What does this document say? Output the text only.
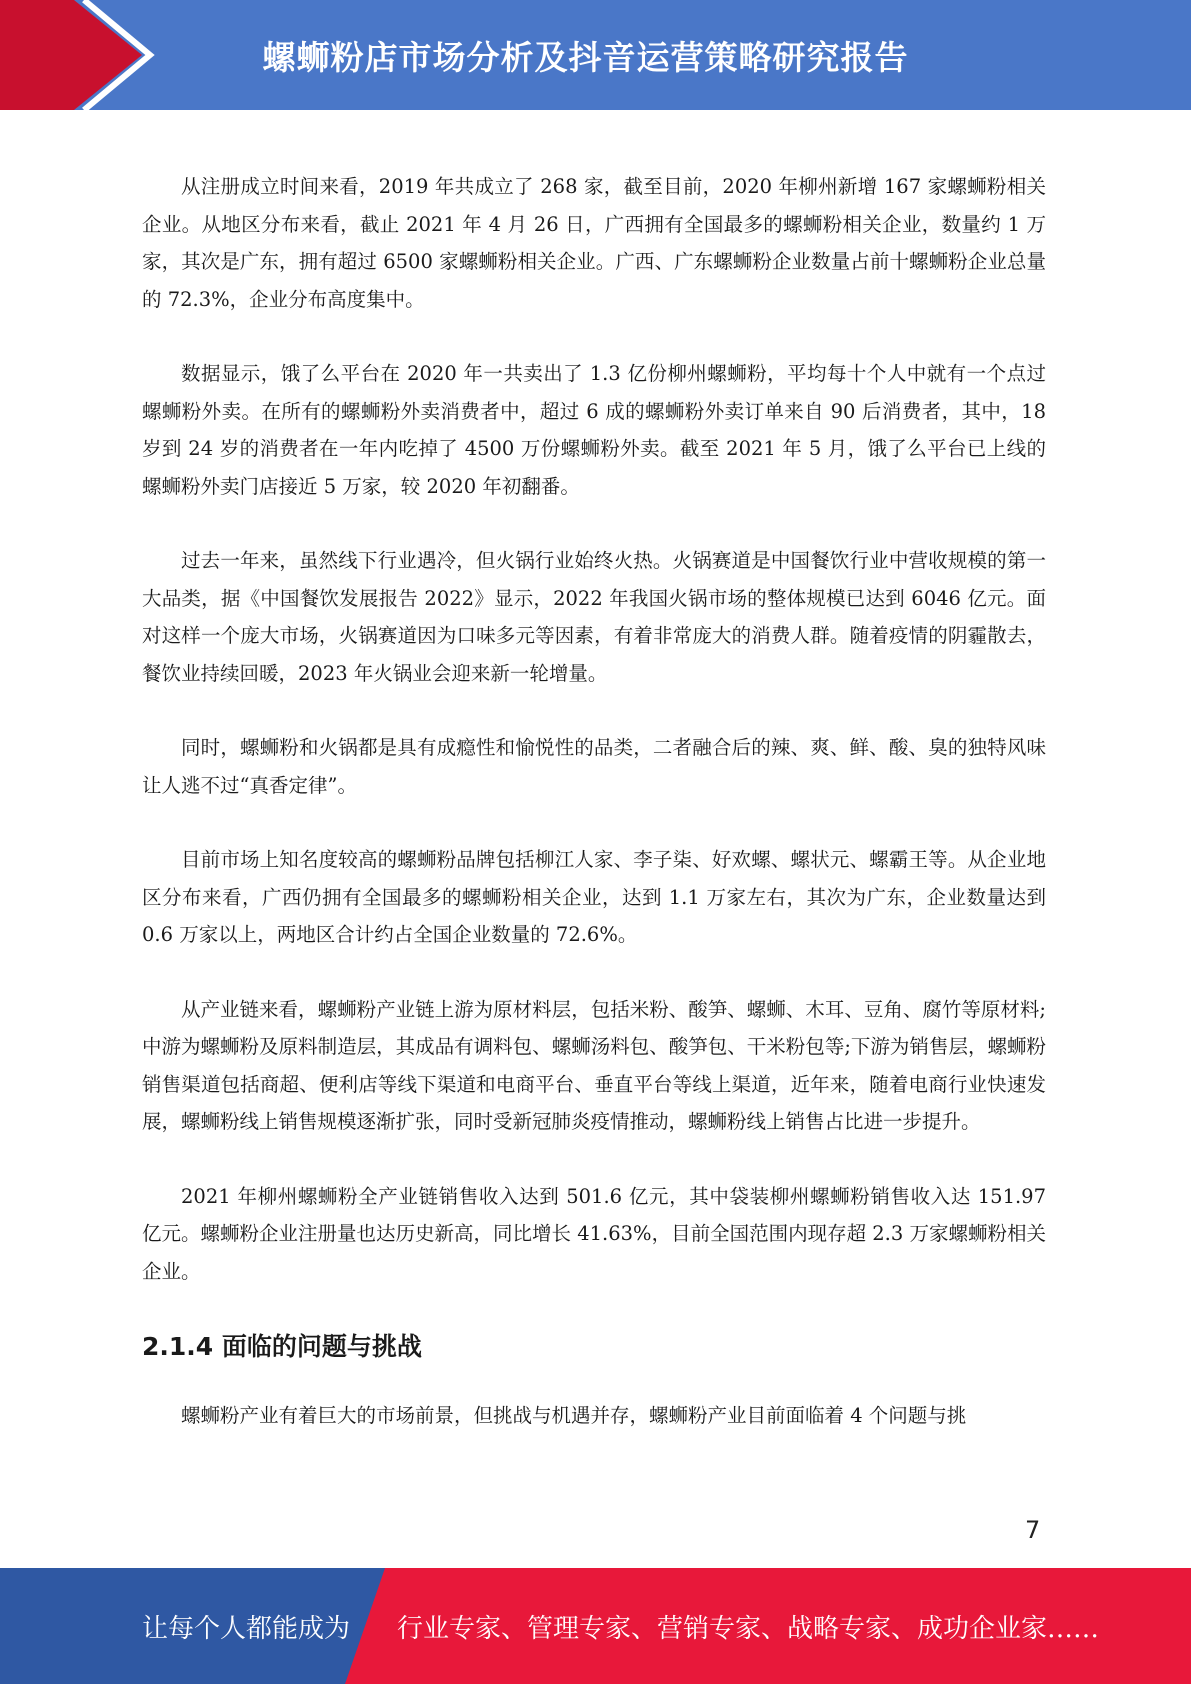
螺蛳粉店市场分析及抖音运营策略研究报告

从注册成立时间来看，2019 年共成立了 268 家，截至目前，2020 年柳州新增 167 家螺蛳粉相关企业。从地区分布来看，截止 2021 年 4 月 26 日，广西拥有全国最多的螺蛳粉相关企业，数量约 1 万家，其次是广东，拥有超过 6500 家螺蛳粉相关企业。广西、广东螺蛳粉企业数量占前十螺蛳粉企业总量的 72.3%，企业分布高度集中。

数据显示，饿了么平台在 2020 年一共卖出了 1.3 亿份柳州螺蛳粉，平均每十个人中就有一个点过螺蛳粉外卖。在所有的螺蛳粉外卖消费者中，超过 6 成的螺蛳粉外卖订单来自 90 后消费者，其中，18 岁到 24 岁的消费者在一年内吃掉了 4500 万份螺蛳粉外卖。截至 2021 年 5 月，饿了么平台已上线的螺蛳粉外卖门店接近 5 万家，较 2020 年初翻番。

过去一年来，虽然线下行业遇冷，但火锅行业始终火热。火锅赛道是中国餐饮行业中营收规模的第一大品类，据《中国餐饮发展报告 2022》显示，2022 年我国火锅市场的整体规模已达到 6046 亿元。面对这样一个庞大市场，火锅赛道因为口味多元等因素，有着非常庞大的消费人群。随着疫情的阴霾散去，餐饮业持续回暖，2023 年火锅业会迎来新一轮增量。

同时，螺蛳粉和火锅都是具有成瘾性和愉悦性的品类，二者融合后的辣、爽、鲜、酸、臭的独特风味让人逃不过“真香定律”。

目前市场上知名度较高的螺蛳粉品牌包括柳江人家、李子柒、好欢螺、螺状元、螺霸王等。从企业地区分布来看，广西仍拥有全国最多的螺蛳粉相关企业，达到 1.1 万家左右，其次为广东，企业数量达到 0.6 万家以上，两地区合计约占全国企业数量的 72.6%。

从产业链来看，螺蛳粉产业链上游为原材料层，包括米粉、酸笋、螺蛳、木耳、豆角、腐竹等原材料;中游为螺蛳粉及原料制造层，其成品有调料包、螺蛳汤料包、酸笋包、干米粉包等;下游为销售层，螺蛳粉销售渠道包括商超、便利店等线下渠道和电商平台、垂直平台等线上渠道，近年来，随着电商行业快速发展，螺蛳粉线上销售规模逐渐扩张，同时受新冠肺炎疫情推动，螺蛳粉线上销售占比进一步提升。

2021 年柳州螺蛳粉全产业链销售收入达到 501.6 亿元，其中袋装柳州螺蛳粉销售收入达 151.97 亿元。螺蛳粉企业注册量也达历史新高，同比增长 41.63%，目前全国范围内现存超 2.3 万家螺蛳粉相关企业。

2.1.4 面临的问题与挑战

螺蛳粉产业有着巨大的市场前景，但挑战与机遇并存，螺蛳粉产业目前面临着 4 个问题与挑

7
让每个人都能成为 行业专家、管理专家、营销专家、战略专家、成功企业家……
